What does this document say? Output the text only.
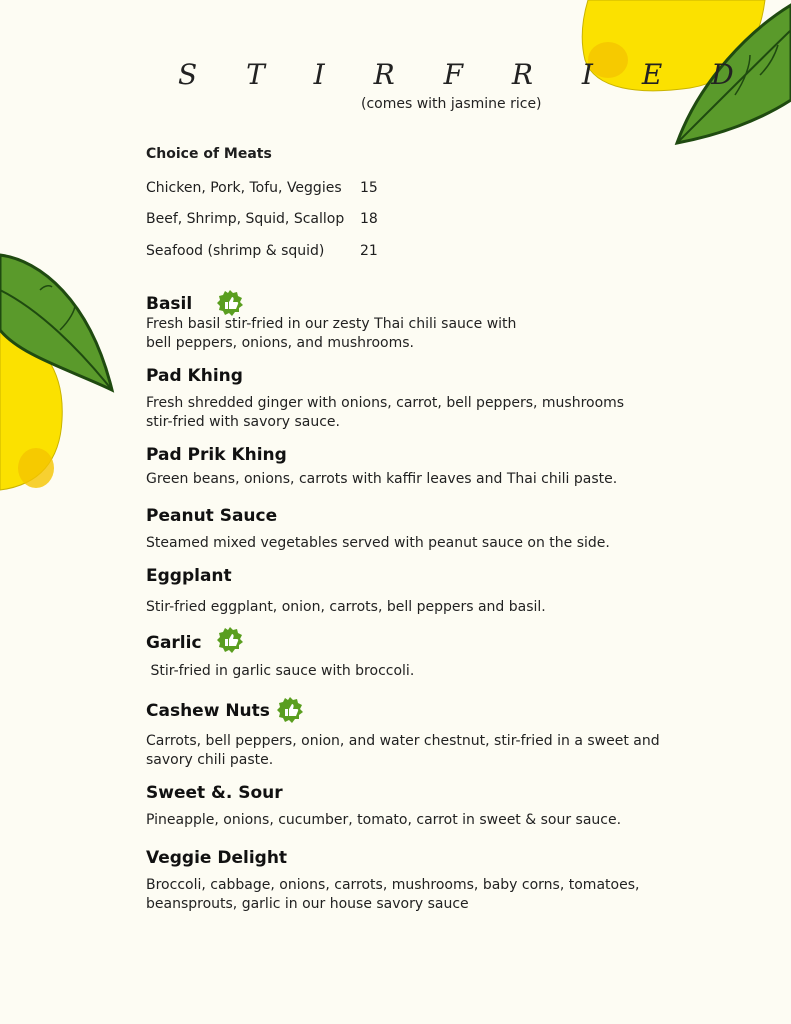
S T I R F R I E D
(comes with jasmine rice)
Choice of Meats
Chicken, Pork, Tofu, Veggies 15
Beef, Shrimp, Squid, Scallop 18
Seafood (shrimp & squid)	21
Basil
Fresh basil stir-fried in our zesty Thai chili sauce with
bell peppers, onions, and mushrooms.
Pad Khing
Fresh shredded ginger with onions, carrot, bell peppers, mushrooms
stir-fried with savory sauce.
Pad Prik Khing
Green beans, onions, carrots with kaffir leaves and Thai chili paste.
Peanut Sauce
Steamed mixed vegetables served with peanut sauce on the side.
Eggplant
Stir-fried eggplant, onion, carrots, bell peppers and basil.
Garlic
Stir-fried in garlic sauce with broccoli.
Cashew Nuts
Carrots, bell peppers, onion, and water chestnut, stir-fried in a sweet and
savory chili paste.
Sweet &. Sour
Pineapple, onions, cucumber, tomato, carrot in sweet & sour sauce.
Veggie Delight
Broccoli, cabbage, onions, carrots, mushrooms, baby corns, tomatoes,
beansprouts, garlic in our house savory sauce
